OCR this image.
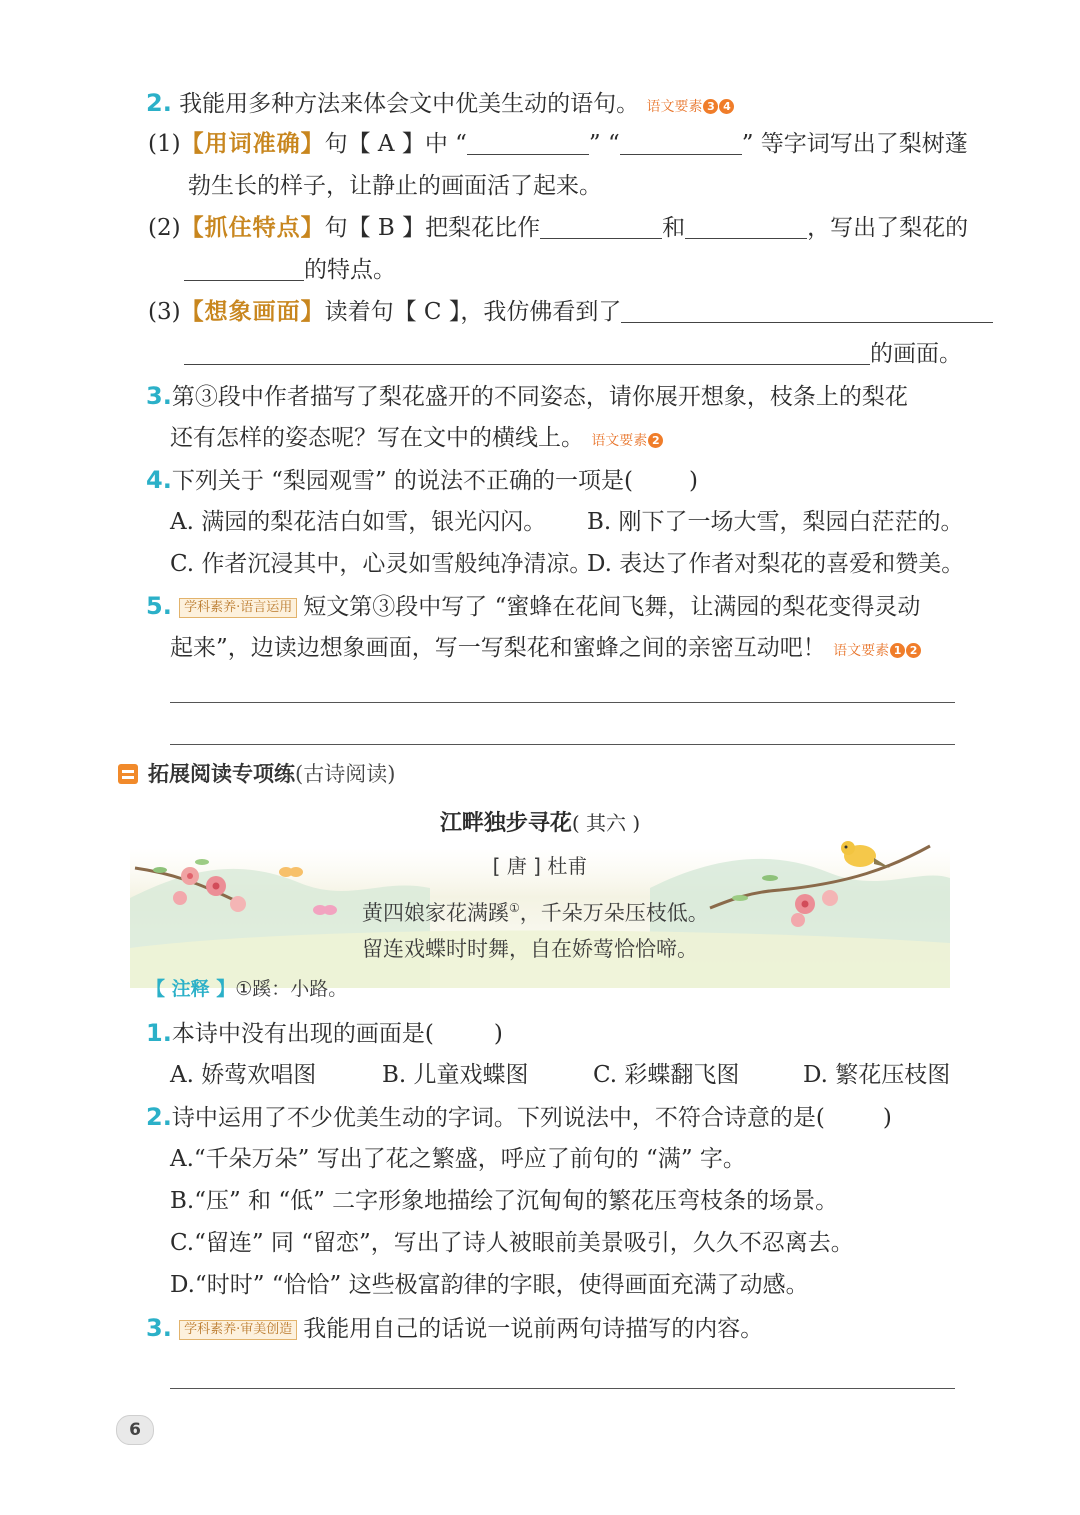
2. 我能用多种方法来体会文中优美生动的语句。 语文要素 3 4
(1)【用词准确】句【 A 】中 “	” “	” 等字词写出了梨树蓬
勃生长的样子，让静止的画面活了起来。
(2)【抓住特点】句【 B 】把梨花比作	和	，写出了梨花的
的特点。
(3)【想象画面】读着句【 C 】，我仿佛看到了
的画面。
3.第③段中作者描写了梨花盛开的不同姿态，请你展开想象，枝条上的梨花
还有怎样的姿态呢？写在文中的横线上。 语文要素 2
4.下列关于 “梨园观雪” 的说法不正确的一项是( )
A. 满园的梨花洁白如雪，银光闪闪。	B. 刚下了一场大雪，梨园白茫茫的。
C. 作者沉浸其中，心灵如雪般纯净清凉。
D. 表达了作者对梨花的喜爱和赞美。
5. 学科素养·语言运用 短文第③段中写了 “蜜蜂在花间飞舞，让满园的梨花变得灵动
起来”，边读边想象画面，写一写梨花和蜜蜂之间的亲密互动吧！ 语文要素 1 2
拓展阅读专项练(古诗阅读)
江畔独步寻花( 其六 )
[ 唐 ] 杜甫
黄四娘家花满蹊①，千朵万朵压枝低。
留连戏蝶时时舞，自在娇莺恰恰啼。
【 注释 】①蹊：小路。
1.本诗中没有出现的画面是(	)
A. 娇莺欢唱图	B. 儿童戏蝶图	C. 彩蝶翻飞图	D. 繁花压枝图
2.诗中运用了不少优美生动的字词。下列说法中，不符合诗意的是(	)
A.“千朵万朵” 写出了花之繁盛，呼应了前句的 “满” 字。
B.“压” 和 “低” 二字形象地描绘了沉甸甸的繁花压弯枝条的场景。
C.“留连” 同 “留恋”，写出了诗人被眼前美景吸引，久久不忍离去。
D.“时时” “恰恰” 这些极富韵律的字眼，使得画面充满了动感。
3. 学科素养·审美创造 我能用自己的话说一说前两句诗描写的内容。
6
